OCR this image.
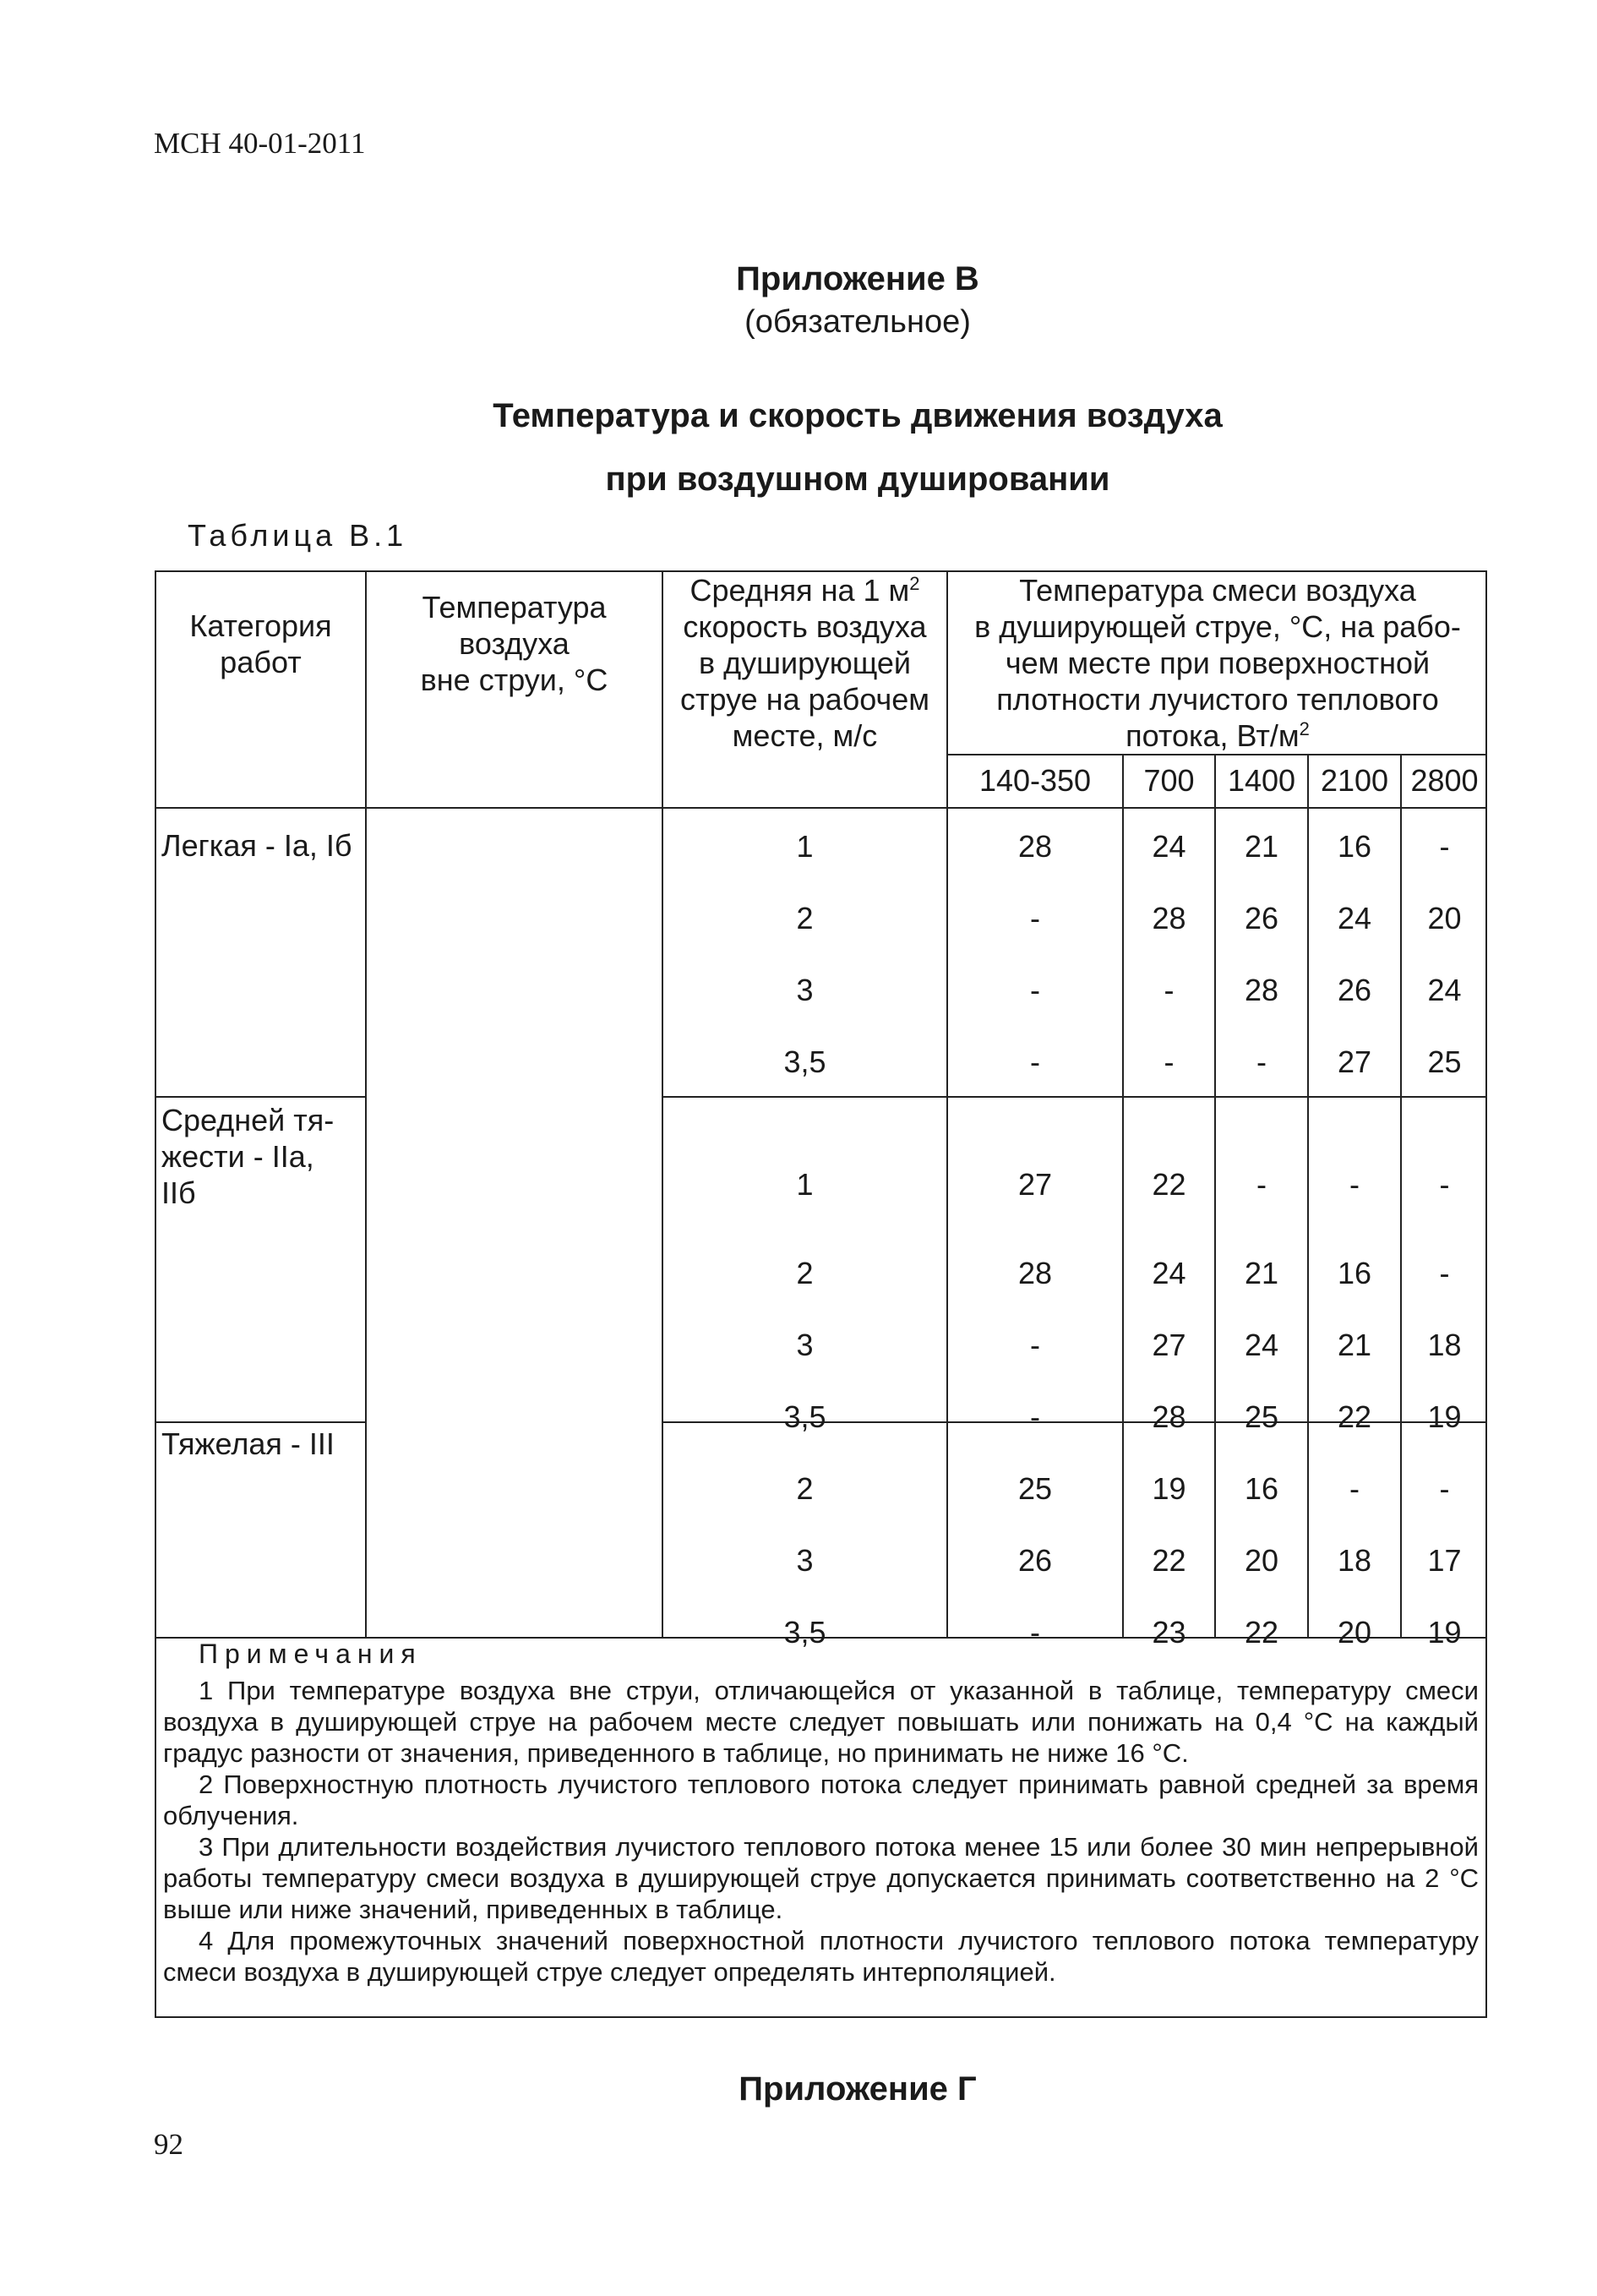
МСН 40-01-2011
Приложение В
(обязательное)
Температура и скорость движения воздуха
при воздушном душировании
Таблица В.1
Категория
работ
Температура
воздуха
вне струи, °С
Средняя на 1 $м^2$
скорость воздуха
в душирующей
струе на рабочем
месте, м/с
Температура смеси воздуха
в душирующей струе, °С, на рабо-
чем месте при поверхностной
плотности лучистого теплового
потока, $Вт/м^2$
140-350	700	1400 2100 2800
Легкая - Iа, Iб	1	28	24	21	16	-
2	-	28	26	24	20
3	-	-	28	26	24
3,5	-	-	-	27	25
Средней тя-
жести - IIа,
IIб	1	27	22	-	-	-
2	28	24	21	16	-
3	-	27	24	21	18
3,5	-	28	25	22	19
Тяжелая - III
2	25	19	16	-	-
3	26	22	20	18	17
3,5	-	23	22	20	19
Примечания

1 При температуре воздуха вне струи, отличающейся от указанной в таблице, температуру смеси воздуха в душирующей струе на рабочем месте следует повышать или понижать на 0,4 °С на каждый градус разности от значения, приведенного в таблице, но принимать не ниже 16 °С.

2 Поверхностную плотность лучистого теплового потока следует принимать равной средней за время облучения.

3 При длительности воздействия лучистого теплового потока менее 15 или более 30 мин непрерывной работы температуру смеси воздуха в душирующей струе допускается принимать соответственно на 2 °С выше или ниже значений, приведенных в таблице.

4 Для промежуточных значений поверхностной плотности лучистого теплового потока температуру смеси воздуха в душирующей струе следует определять интерполяцией.

Приложение Г
92
